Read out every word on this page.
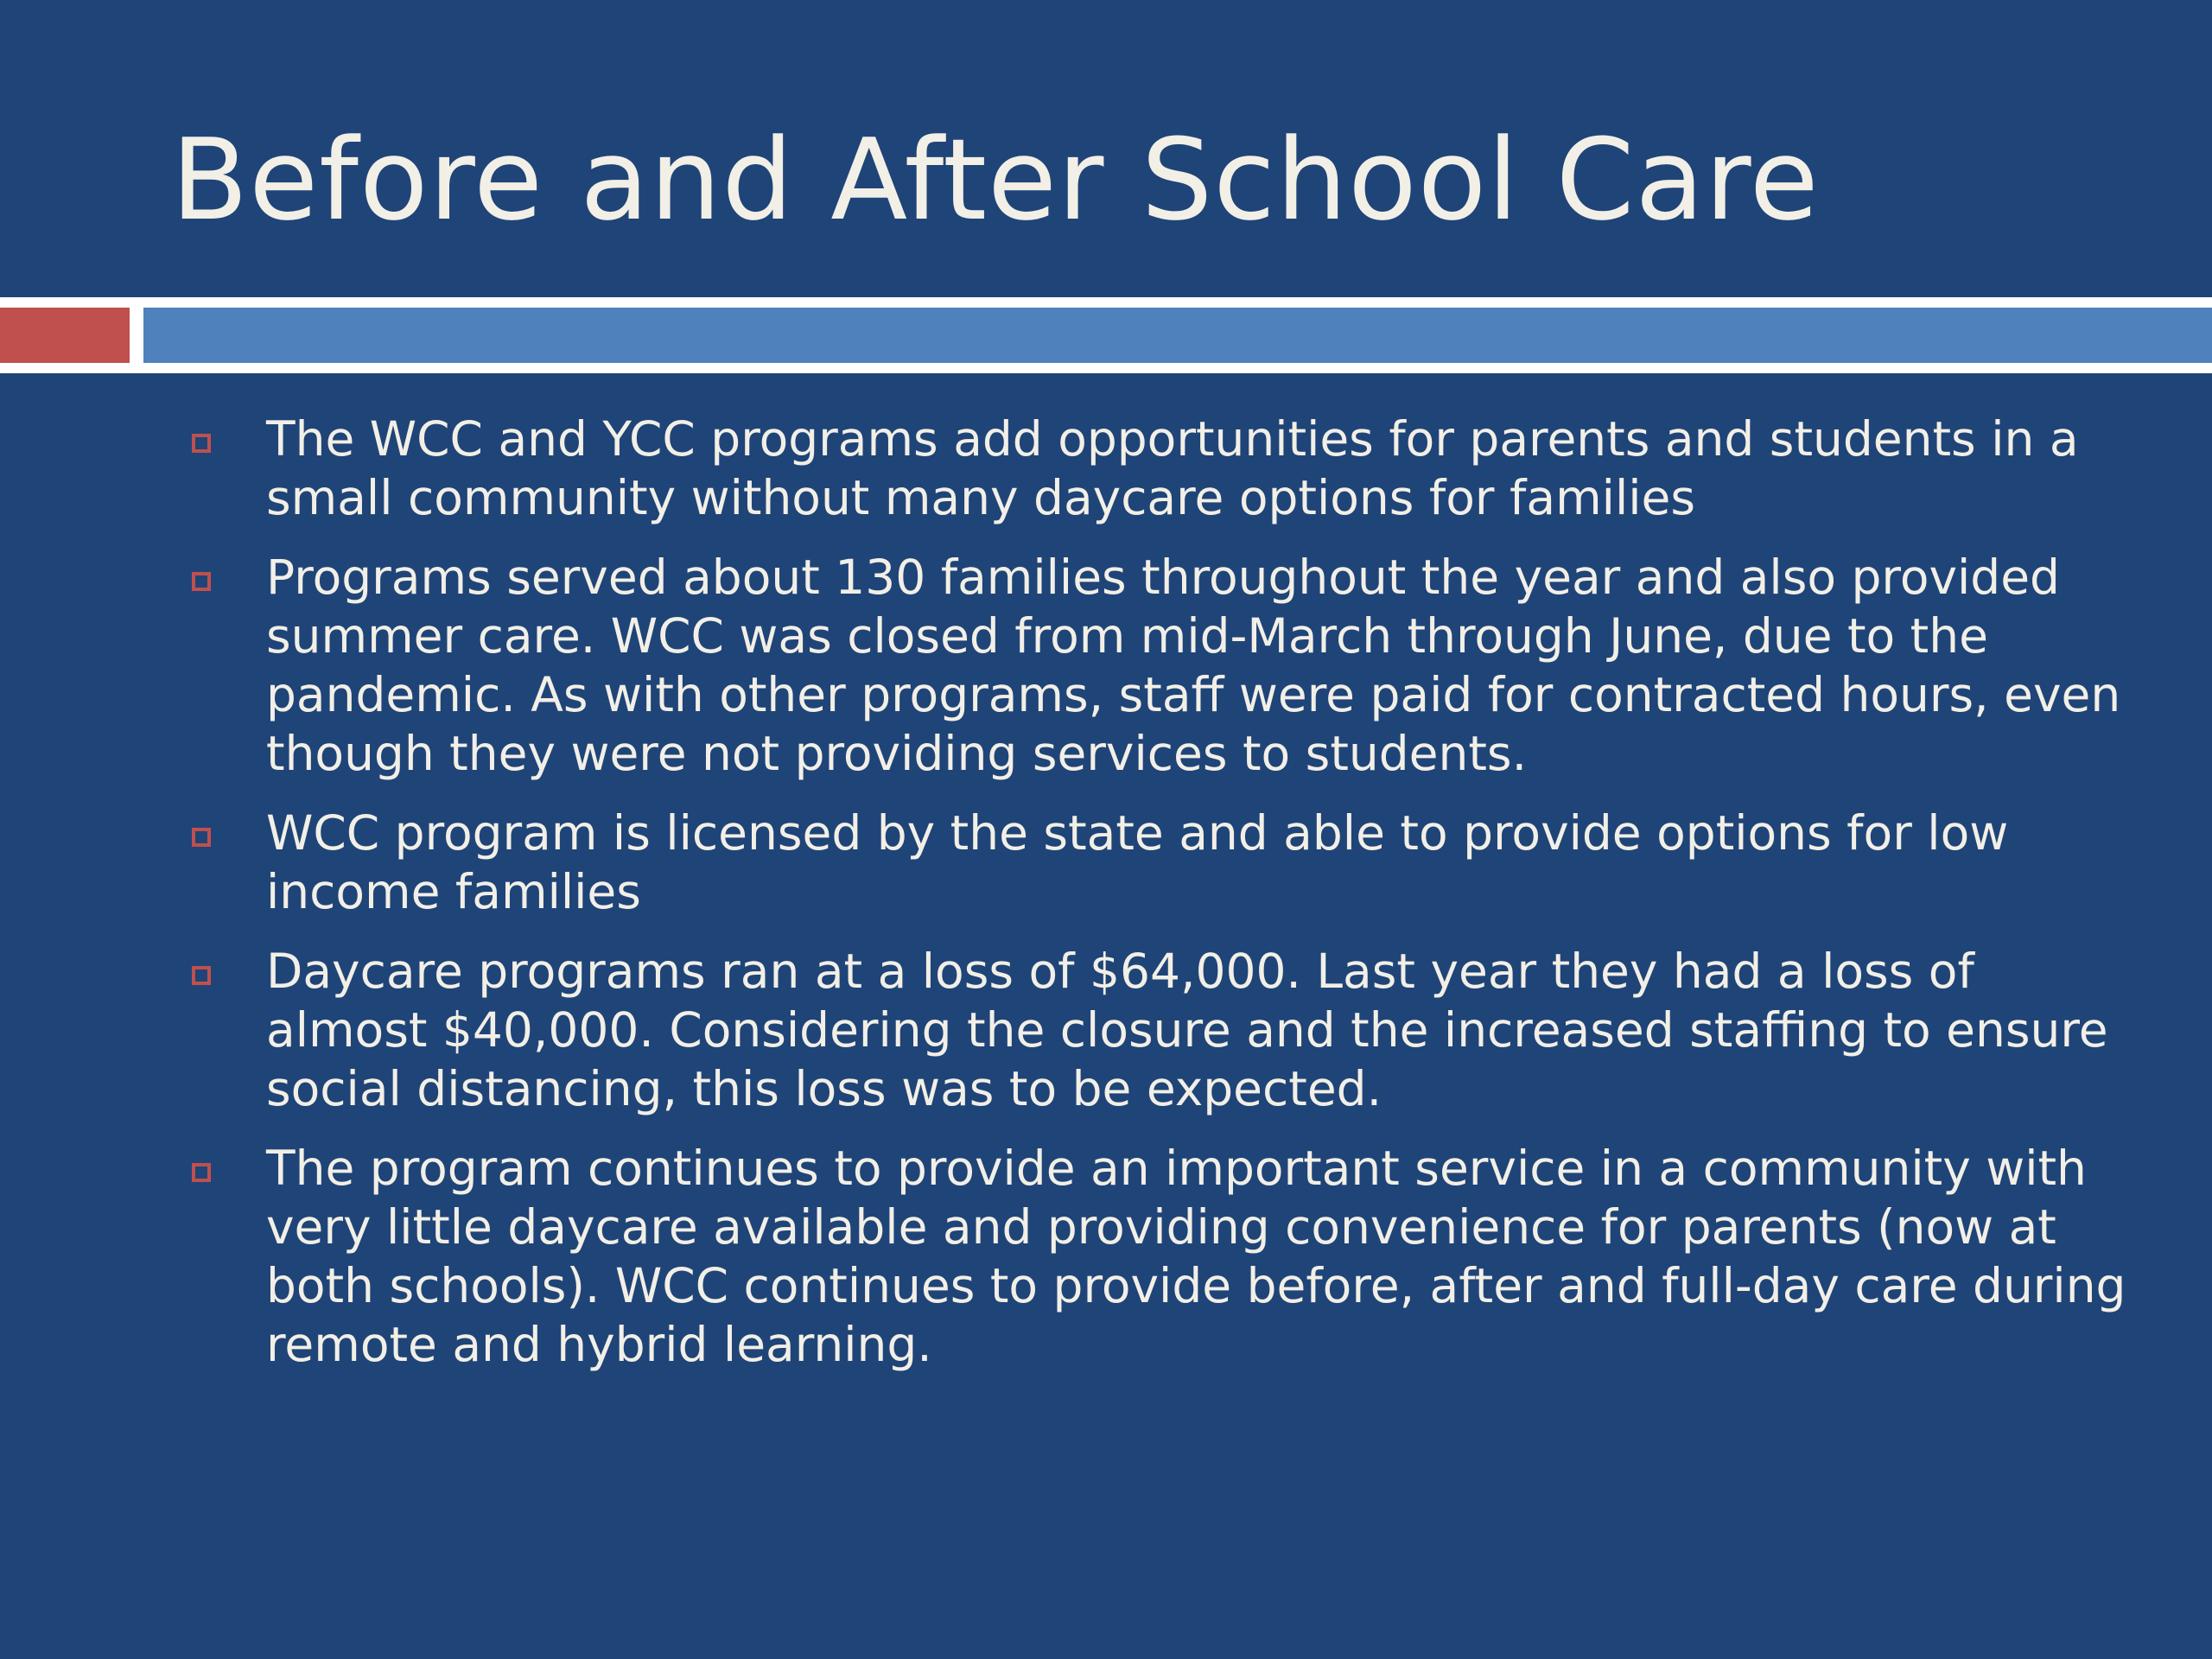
Before and After School Care
The WCC and YCC programs add opportunities for parents and students in a small community without many daycare options for families
Programs served about 130 families throughout the year and also provided summer care. WCC was closed from mid-March through June, due to the pandemic. As with other programs, staff were paid for contracted hours, even though they were not providing services to students.
WCC program is licensed by the state and able to provide options for low income families
Daycare programs ran at a loss of $64,000. Last year they had a loss of almost $40,000. Considering the closure and the increased staffing to ensure social distancing, this loss was to be expected.
The program continues to provide an important service in a community with very little daycare available and providing convenience for parents (now at both schools). WCC continues to provide before, after and full-day care during remote and hybrid learning.
